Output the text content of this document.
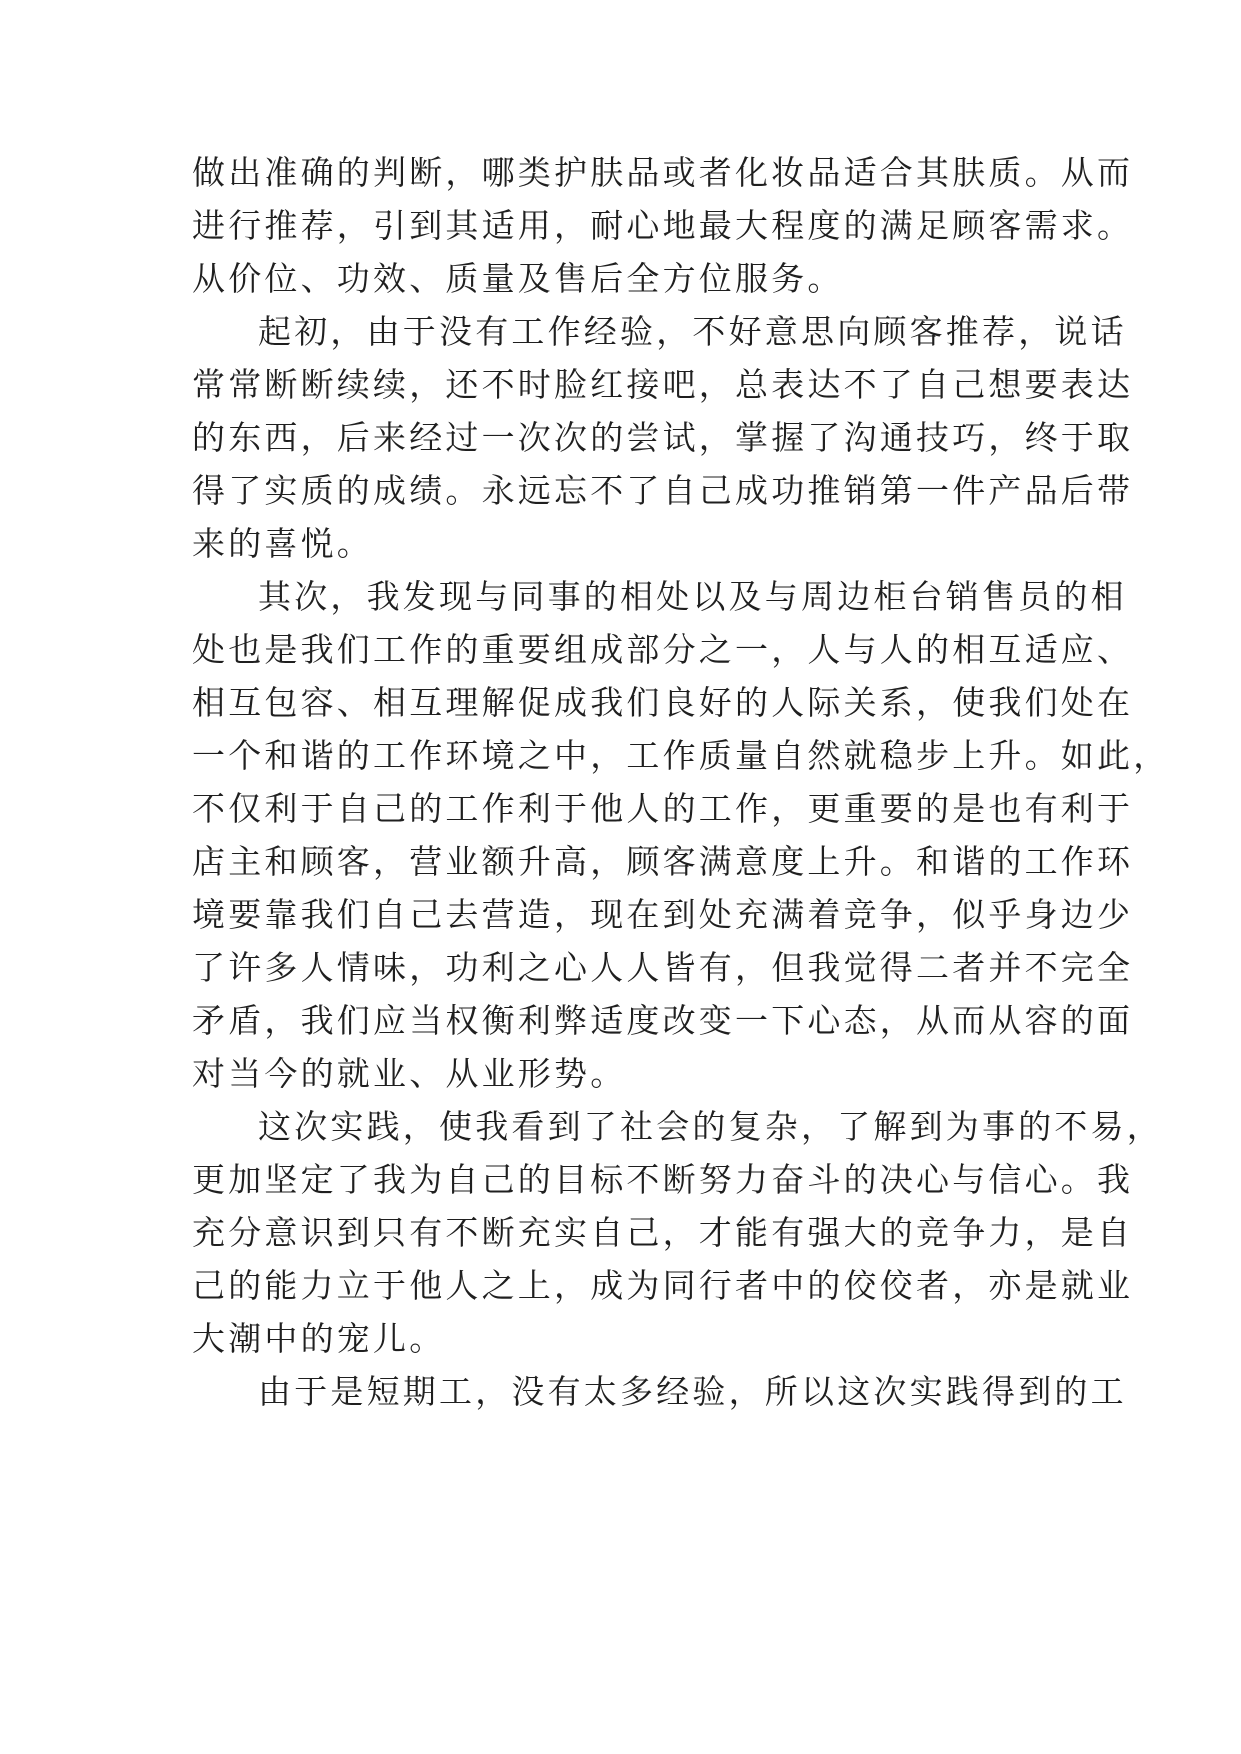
做出准确的判断，哪类护肤品或者化妆品适合其肤质。从而
进行推荐，引到其适用，耐心地最大程度的满足顾客需求。
从价位、功效、质量及售后全方位服务。
起初，由于没有工作经验，不好意思向顾客推荐，说话
常常断断续续，还不时脸红接吧，总表达不了自己想要表达
的东西，后来经过一次次的尝试，掌握了沟通技巧，终于取
得了实质的成绩。永远忘不了自己成功推销第一件产品后带
来的喜悦。
其次，我发现与同事的相处以及与周边柜台销售员的相
处也是我们工作的重要组成部分之一，人与人的相互适应、
相互包容、相互理解促成我们良好的人际关系，使我们处在
一个和谐的工作环境之中，工作质量自然就稳步上升。如此，
不仅利于自己的工作利于他人的工作，更重要的是也有利于
店主和顾客，营业额升高，顾客满意度上升。和谐的工作环
境要靠我们自己去营造，现在到处充满着竞争，似乎身边少
了许多人情味，功利之心人人皆有，但我觉得二者并不完全
矛盾，我们应当权衡利弊适度改变一下心态，从而从容的面
对当今的就业、从业形势。
这次实践，使我看到了社会的复杂，了解到为事的不易，
更加坚定了我为自己的目标不断努力奋斗的决心与信心。我
充分意识到只有不断充实自己，才能有强大的竞争力，是自
己的能力立于他人之上，成为同行者中的佼佼者，亦是就业
大潮中的宠儿。
由于是短期工，没有太多经验，所以这次实践得到的工
